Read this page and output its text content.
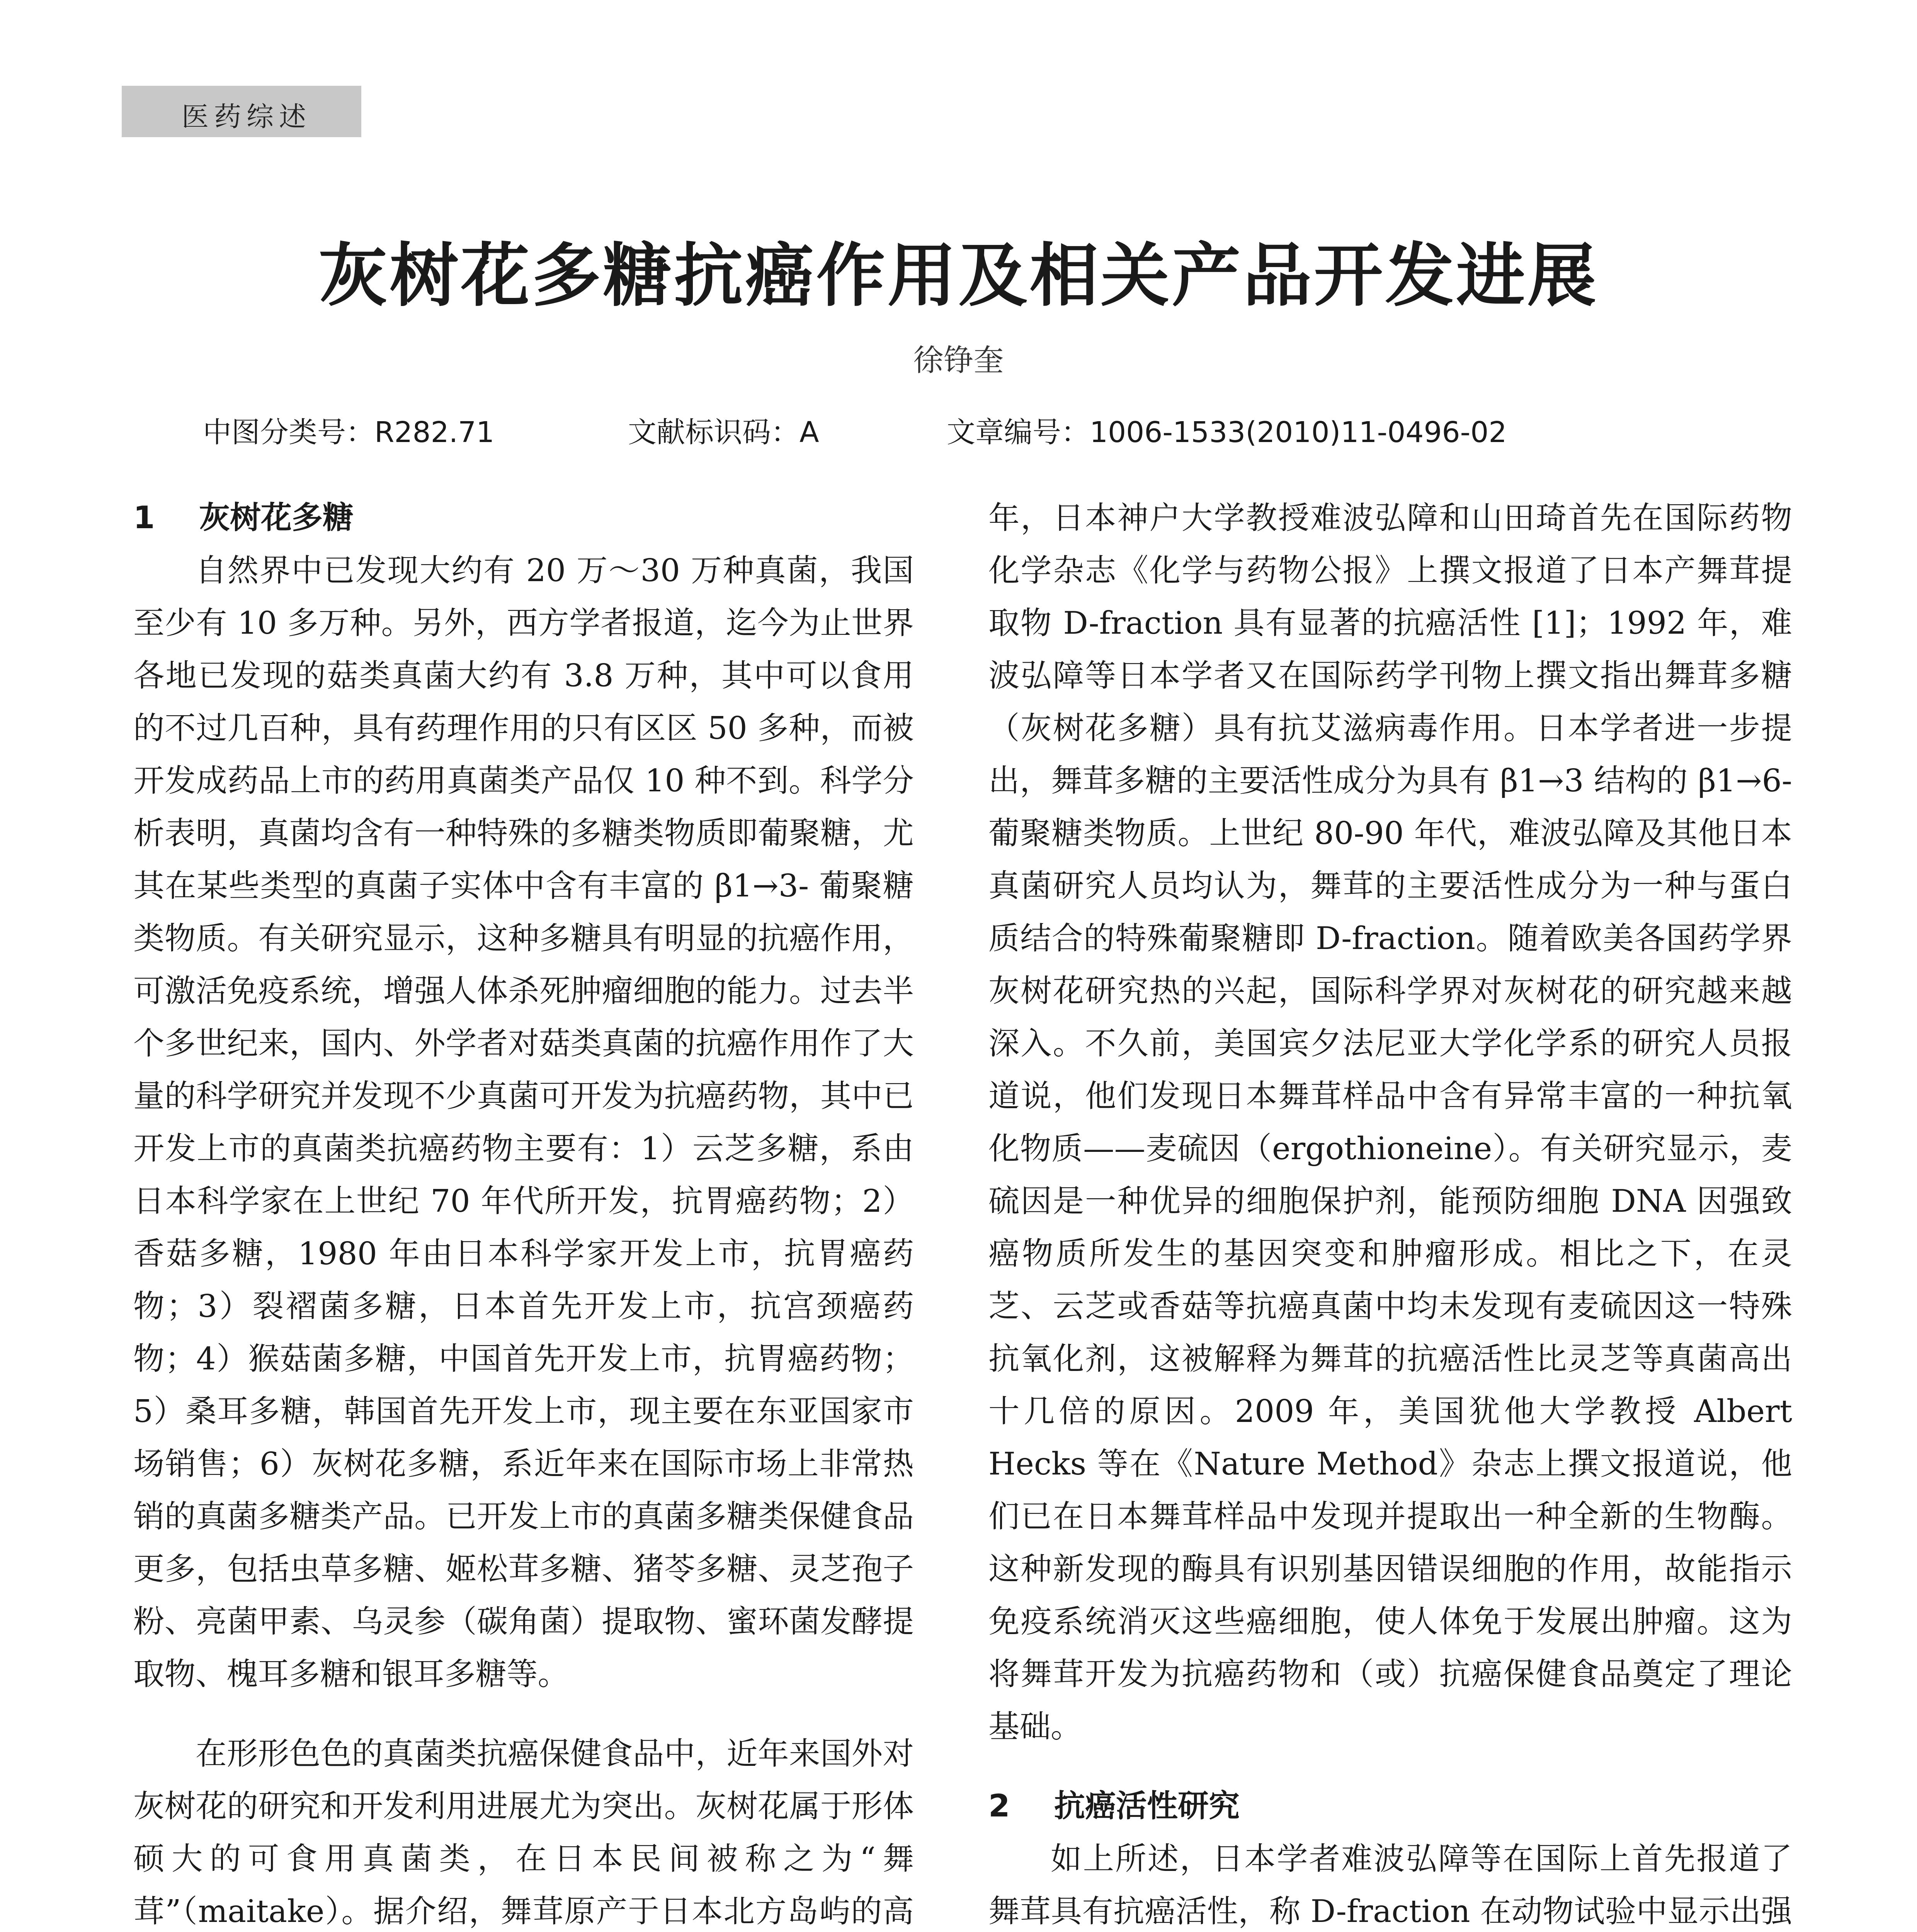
医药综述
灰树花多糖抗癌作用及相关产品开发进展
徐铮奎
中图分类号：R282.71	文献标识码：A	文章编号：1006-1533(2010)11-0496-02
1 灰树花多糖

自然界中已发现大约有 20 万～30 万种真菌，我国至少有 10 多万种。另外，西方学者报道，迄今为止世界各地已发现的菇类真菌大约有 3.8 万种，其中可以食用的不过几百种，具有药理作用的只有区区 50 多种，而被开发成药品上市的药用真菌类产品仅 10 种不到。科学分析表明，真菌均含有一种特殊的多糖类物质即葡聚糖，尤其在某些类型的真菌子实体中含有丰富的 β1→3- 葡聚糖类物质。有关研究显示，这种多糖具有明显的抗癌作用，可激活免疫系统，增强人体杀死肿瘤细胞的能力。过去半个多世纪来，国内、外学者对菇类真菌的抗癌作用作了大量的科学研究并发现不少真菌可开发为抗癌药物，其中已开发上市的真菌类抗癌药物主要有：1）云芝多糖，系由日本科学家在上世纪 70 年代所开发，抗胃癌药物；2）香菇多糖，1980 年由日本科学家开发上市，抗胃癌药物；3）裂褶菌多糖，日本首先开发上市，抗宫颈癌药物；4）猴菇菌多糖，中国首先开发上市，抗胃癌药物；5）桑耳多糖，韩国首先开发上市，现主要在东亚国家市场销售；6）灰树花多糖，系近年来在国际市场上非常热销的真菌多糖类产品。已开发上市的真菌多糖类保健食品更多，包括虫草多糖、姬松茸多糖、猪苓多糖、灵芝孢子粉、亮菌甲素、乌灵参（碳角菌）提取物、蜜环菌发酵提取物、槐耳多糖和银耳多糖等。

在形形色色的真菌类抗癌保健食品中，近年来国外对灰树花的研究和开发利用进展尤为突出。灰树花属于形体硕大的可食用真菌类，在日本民间被称之为“舞茸”（maitake）。据介绍，舞茸原产于日本北方岛屿的高

年，日本神户大学教授难波弘障和山田琦首先在国际药物化学杂志《化学与药物公报》上撰文报道了日本产舞茸提取物 D-fraction 具有显著的抗癌活性 [1]；1992 年，难波弘障等日本学者又在国际药学刊物上撰文指出舞茸多糖（灰树花多糖）具有抗艾滋病毒作用。日本学者进一步提出，舞茸多糖的主要活性成分为具有 β1→3 结构的 β1→6- 葡聚糖类物质。上世纪 80-90 年代，难波弘障及其他日本真菌研究人员均认为，舞茸的主要活性成分为一种与蛋白质结合的特殊葡聚糖即 D-fraction。随着欧美各国药学界灰树花研究热的兴起，国际科学界对灰树花的研究越来越深入。不久前，美国宾夕法尼亚大学化学系的研究人员报道说，他们发现日本舞茸样品中含有异常丰富的一种抗氧化物质——麦硫因（ergothioneine）。有关研究显示，麦硫因是一种优异的细胞保护剂，能预防细胞 DNA 因强致癌物质所发生的基因突变和肿瘤形成。相比之下，在灵芝、云芝或香菇等抗癌真菌中均未发现有麦硫因这一特殊抗氧化剂，这被解释为舞茸的抗癌活性比灵芝等真菌高出十几倍的原因。2009 年，美国犹他大学教授 Albert Hecks 等在《Nature Method》杂志上撰文报道说，他们已在日本舞茸样品中发现并提取出一种全新的生物酶。这种新发现的酶具有识别基因错误细胞的作用，故能指示免疫系统消灭这些癌细胞，使人体免于发展出肿瘤。这为将舞茸开发为抗癌药物和（或）抗癌保健食品奠定了理论基础。

2 抗癌活性研究

如上所述，日本学者难波弘障等在国际上首先报道了舞茸具有抗癌活性，称 D-fraction 在动物试验中显示出强
